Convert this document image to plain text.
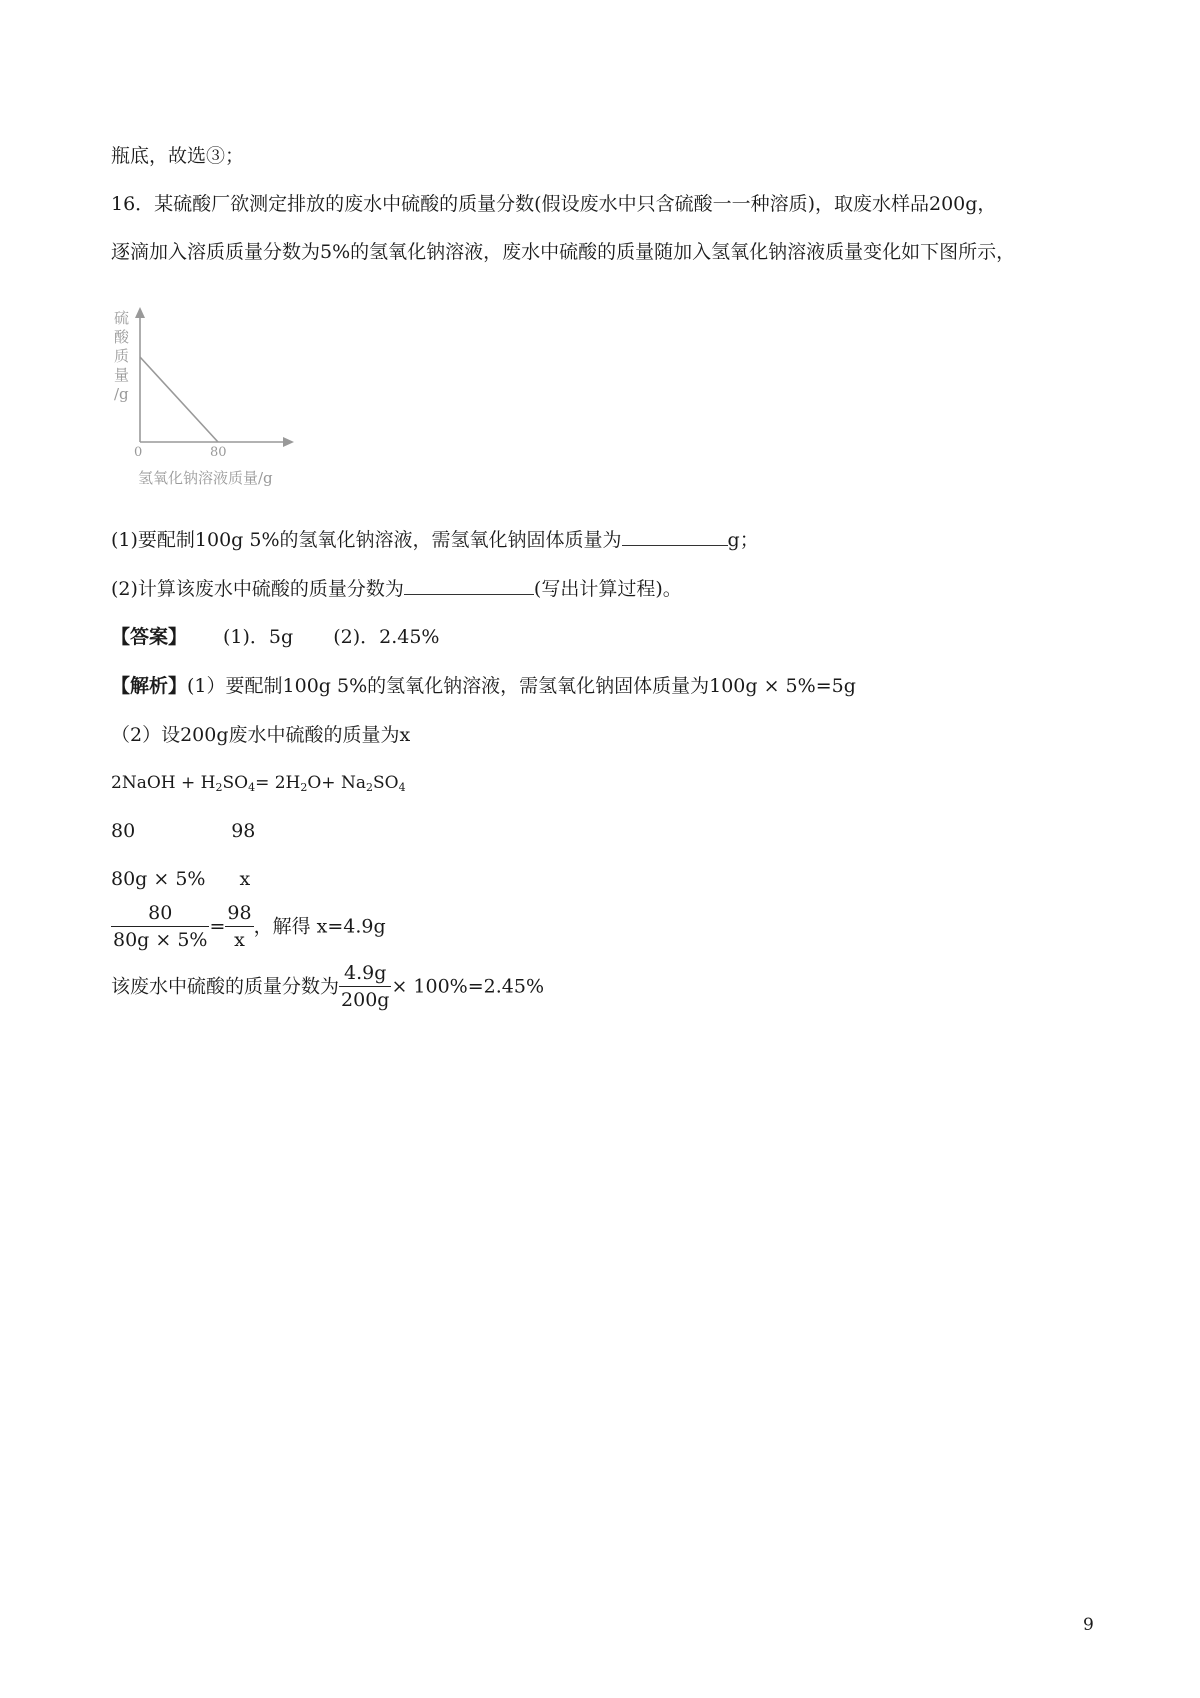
瓶底，故选③；
16．某硫酸厂欲测定排放的废水中硫酸的质量分数(假设废水中只含硫酸一一种溶质)，取废水样品200g，
逐滴加入溶质质量分数为5%的氢氧化钠溶液，废水中硫酸的质量随加入氢氧化钠溶液质量变化如下图所示，
硫
酸
质
量
/g
0	80
氢氧化钠溶液质量/g
(1)要配制100g 5%的氢氧化钠溶液，需氢氧化钠固体质量为	g；
(2)计算该废水中硫酸的质量分数为	(写出计算过程)。
【答案】 (1)．5g (2)．2.45%
【解析】(1）要配制100g 5%的氢氧化钠溶液，需氢氧化钠固体质量为100g × 5%=5g
（2）设200g废水中硫酸的质量为x
2NaOH + $H_2SO_4= 2H_2O+ Na_2SO_4$
80	98
80g × 5% x
$\frac{80}{80g \times 5\%} = \frac{98}{x}$ ，解得 x=4.9g
该废水中硫酸的质量分数为 $\frac{4.9g}{200g} \times 100\%=2.45\%$
9
